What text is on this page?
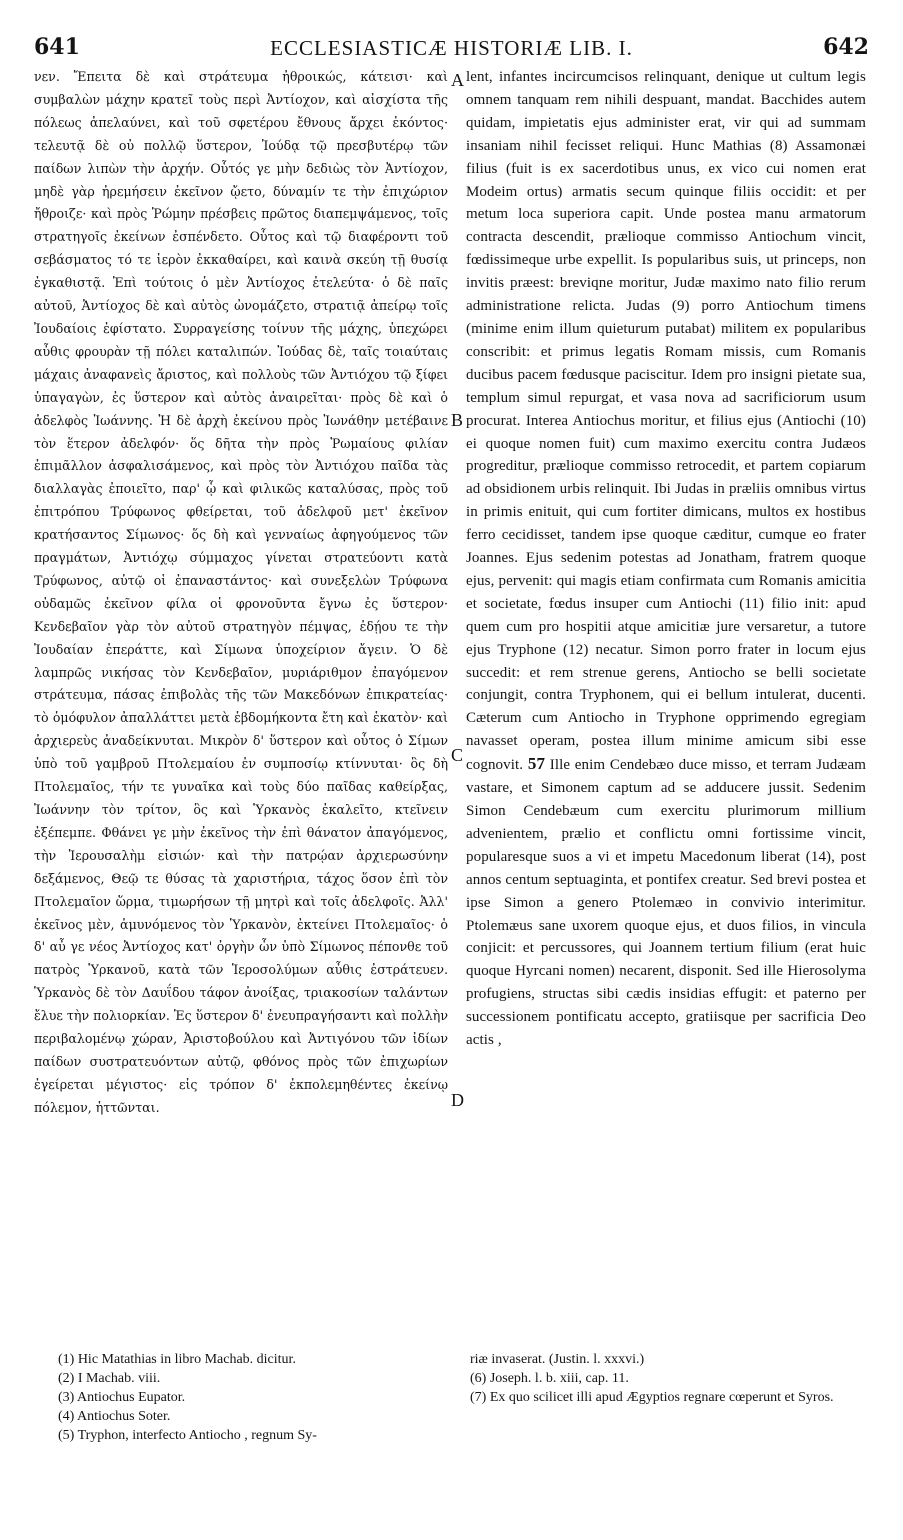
641	ECCLESIASTICÆ HISTORIÆ LIB. I.	642

νεν. Ἔπειτα δὲ καὶ στράτευμα ἠθροικώς, κάτεισι· καὶ συμβαλὼν μάχην κρατεῖ τοὺς περὶ Ἀντίοχον, καὶ αἰσχίστα τῆς πόλεως ἀπελαύνει, καὶ τοῦ σφετέρου ἔθνους ἄρχει ἑκόντος· τελευτᾷ δὲ οὐ πολλῷ ὕστερον, Ἰούδᾳ τῷ πρεσβυτέρῳ τῶν παίδων λιπὼν τὴν ἀρχήν. Οὗτός γε μὴν δεδιὼς τὸν Ἀντίοχον, μηδὲ γὰρ ἠρεμήσειν ἐκεῖνον ᾤετο, δύναμίν τε τὴν ἐπιχώριον ἤθροιζε· καὶ πρὸς Ῥώμην πρέσβεις πρῶτος διαπεμψάμενος, τοῖς στρατηγοῖς ἐκείνων ἐσπένδετο. Οὗτος καὶ τῷ διαφέροντι τοῦ σεβάσματος τό τε ἱερὸν ἐκκαθαίρει, καὶ καινὰ σκεύη τῇ θυσίᾳ ἐγκαθιστᾷ. Ἐπὶ τούτοις ὁ μὲν Ἀντίοχος ἐτελεύτα· ὁ δὲ παῖς αὐτοῦ, Ἀντίοχος δὲ καὶ αὐτὸς ὠνομάζετο, στρατιᾷ ἀπείρῳ τοῖς Ἰουδαίοις ἐφίστατο. Συρραγείσης τοίνυν τῆς μάχης, ὑπεχώρει αὖθις φρουρὰν τῇ πόλει καταλιπών. Ἰούδας δὲ, ταῖς τοιαύταις μάχαις ἀναφανεὶς ἄριστος, καὶ πολλοὺς τῶν Ἀντιόχου τῷ ξίφει ὑπαγαγὼν, ἐς ὕστερον καὶ αὐτὸς ἀναιρεῖται· πρὸς δὲ καὶ ὁ ἀδελφὸς Ἰωάννης. Ἡ δὲ ἀρχὴ ἐκείνου πρὸς Ἰωνάθην μετέβαινε τὸν ἕτερον ἀδελφόν· ὅς δῆτα τὴν πρὸς Ῥωμαίους φιλίαν ἐπιμᾶλλον ἀσφαλισάμενος, καὶ πρὸς τὸν Ἀντιόχου παῖδα τὰς διαλλαγὰς ἐποιεῖτο, παρ' ᾧ καὶ φιλικῶς καταλύσας, πρὸς τοῦ ἐπιτρόπου Τρύφωνος φθείρεται, τοῦ ἀδελφοῦ μετ' ἐκεῖνον κρατήσαντος Σίμωνος· ὅς δὴ καὶ γενναίως ἀφηγούμενος τῶν πραγμάτων, Ἀντιόχῳ σύμμαχος γίνεται στρατεύοντι κατὰ Τρύφωνος, αὐτῷ οἱ ἐπαναστάντος· καὶ συνεξελὼν Τρύφωνα οὐδαμῶς ἐκεῖνον φίλα οἱ φρονοῦντα ἔγνω ἐς ὕστερον· Κενδεβαῖον γὰρ τὸν αὐτοῦ στρατηγὸν πέμψας, ἐδῄου τε τὴν Ἰουδαίαν ἐπεράττε, καὶ Σίμωνα ὑποχείριον ἄγειν. Ὁ δὲ λαμπρῶς νικήσας τὸν Κενδεβαῖον, μυριάριθμον ἐπαγόμενον στράτευμα, πάσας ἐπιβολὰς τῆς τῶν Μακεδόνων ἐπικρατείας· τὸ ὁμόφυλον ἀπαλλάττει μετὰ ἑβδομήκοντα ἔτη καὶ ἑκατὸν· καὶ ἀρχιερεὺς ἀναδείκνυται. Μικρὸν δ' ὕστερον καὶ οὗτος ὁ Σίμων ὑπὸ τοῦ γαμβροῦ Πτολεμαίου ἐν συμποσίῳ κτίννυται· ὃς δὴ Πτολεμαῖος, τήν τε γυναῖκα καὶ τοὺς δύο παῖδας καθείρξας, Ἰωάννην τὸν τρίτον, ὃς καὶ Ὑρκανὸς ἐκαλεῖτο, κτεῖνειν ἐξέπεμπε. Φθάνει γε μὴν ἐκεῖνος τὴν ἐπὶ θάνατον ἀπαγόμενος, τὴν Ἱερουσαλὴμ εἰσιών· καὶ τὴν πατρῴαν ἀρχιερωσύνην δεξάμενος, Θεῷ τε θύσας τὰ χαριστήρια, τάχος ὅσον ἐπὶ τὸν Πτολεμαῖον ὥρμα, τιμωρήσων τῇ μητρὶ καὶ τοῖς ἀδελφοῖς. Ἀλλ' ἐκεῖνος μὲν, ἀμυνόμενος τὸν Ὑρκανὸν, ἐκτείνει Πτολεμαῖος· ὁ δ' αὖ γε νέος Ἀντίοχος κατ' ὀργὴν ὧν ὑπὸ Σίμωνος πέπονθε τοῦ πατρὸς Ὑρκανοῦ, κατὰ τῶν Ἱεροσολύμων αὖθις ἐστράτευεν. Ὑρκανὸς δὲ τὸν Δαυΐδου τάφον ἀνοίξας, τριακοσίων ταλάντων ἔλυε τὴν πολιορκίαν. Ἐς ὕστερον δ' ἐνευπραγήσαντι καὶ πολλὴν περιβαλομένῳ χώραν, Ἀριστοβούλου καὶ Ἀντιγόνου τῶν ἰδίων παίδων συστρατευόντων αὐτῷ, φθόνος πρὸς τῶν ἐπιχωρίων ἐγείρεται μέγιστος· εἰς τρόπον δ' ἐκπολεμηθέντες ἐκείνῳ πόλεμον, ἡττῶνται.

A
B
C
D

lent, infantes incircumcisos relinquant, denique ut cultum legis omnem tanquam rem nihili despuant, mandat. Bacchides autem quidam, impietatis ejus administer erat, vir qui ad summam insaniam nihil fecisset reliqui. Hunc Mathias (8) Assamonæi filius (fuit is ex sacerdotibus unus, ex vico cui nomen erat Modeim ortus) armatis secum quinque filiis occidit: et per metum loca superiora capit. Unde postea manu armatorum contracta descendit, prælioque commisso Antiochum vincit, fœdissimeque urbe expellit. Is popularibus suis, ut princeps, non invitis præest: breviqne moritur, Judæ maximo nato filio rerum administratione relicta. Judas (9) porro Antiochum timens (minime enim illum quieturum putabat) militem ex popularibus conscribit: et primus legatis Romam missis, cum Romanis ducibus pacem fœdusque paciscitur. Idem pro insigni pietate sua, templum simul repurgat, et vasa nova ad sacrificiorum usum procurat. Interea Antiochus moritur, et filius ejus (Antiochi (10) ei quoque nomen fuit) cum maximo exercitu contra Judæos progreditur, prælioque commisso retrocedit, et partem copiarum ad obsidionem urbis relinquit. Ibi Judas in præliis omnibus virtus in primis enituit, qui cum fortiter dimicans, multos ex hostibus ferro cecidisset, tandem ipse quoque cæditur, cumque eo frater Joannes. Ejus sedenim potestas ad Jonatham, fratrem quoque ejus, pervenit: qui magis etiam confirmata cum Romanis amicitia et societate, fœdus insuper cum Antiochi (11) filio init: apud quem cum pro hospitii atque amicitiæ jure versaretur, a tutore ejus Tryphone (12) necatur. Simon porro frater in locum ejus succedit: et rem strenue gerens, Antiocho se belli societate conjungit, contra Tryphonem, qui ei bellum intulerat, ducenti. Cæterum cum Antiocho in Tryphone opprimendo egregiam navasset operam, postea illum minime amicum sibi esse cognovit. 57 Ille enim Cendebæo duce misso, et terram Judæam vastare, et Simonem captum ad se adducere jussit. Sedenim Simon Cendebæum cum exercitu plurimorum millium advenientem, prælio et conflictu omni fortissime vincit, popularesque suos a vi et impetu Macedonum liberat (14), post annos centum septuaginta, et pontifex creatur. Sed brevi postea et ipse Simon a genero Ptolemæo in convivio interimitur. Ptolemæus sane uxorem quoque ejus, et duos filios, in vincula conjicit: et percussores, qui Joannem tertium filium (erat huic quoque Hyrcani nomen) necarent, disponit. Sed ille Hierosolyma profugiens, structas sibi cædis insidias effugit: et paterno per successionem pontificatu accepto, gratiisque per sacrificia Deo actis ,

(1) Hic Matathias in libro Machab. dicitur.
(2) I Machab. viii.
(3) Antiochus Eupator.
(4) Antiochus Soter.
(5) Tryphon, interfecto Antiocho , regnum Sy-
riæ invaserat. (Justin. l. xxxvi.)
(6) Joseph. l. b. xiii, cap. 11.
(7) Ex quo scilicet illi apud Ægyptios regnare cœperunt et Syros.
